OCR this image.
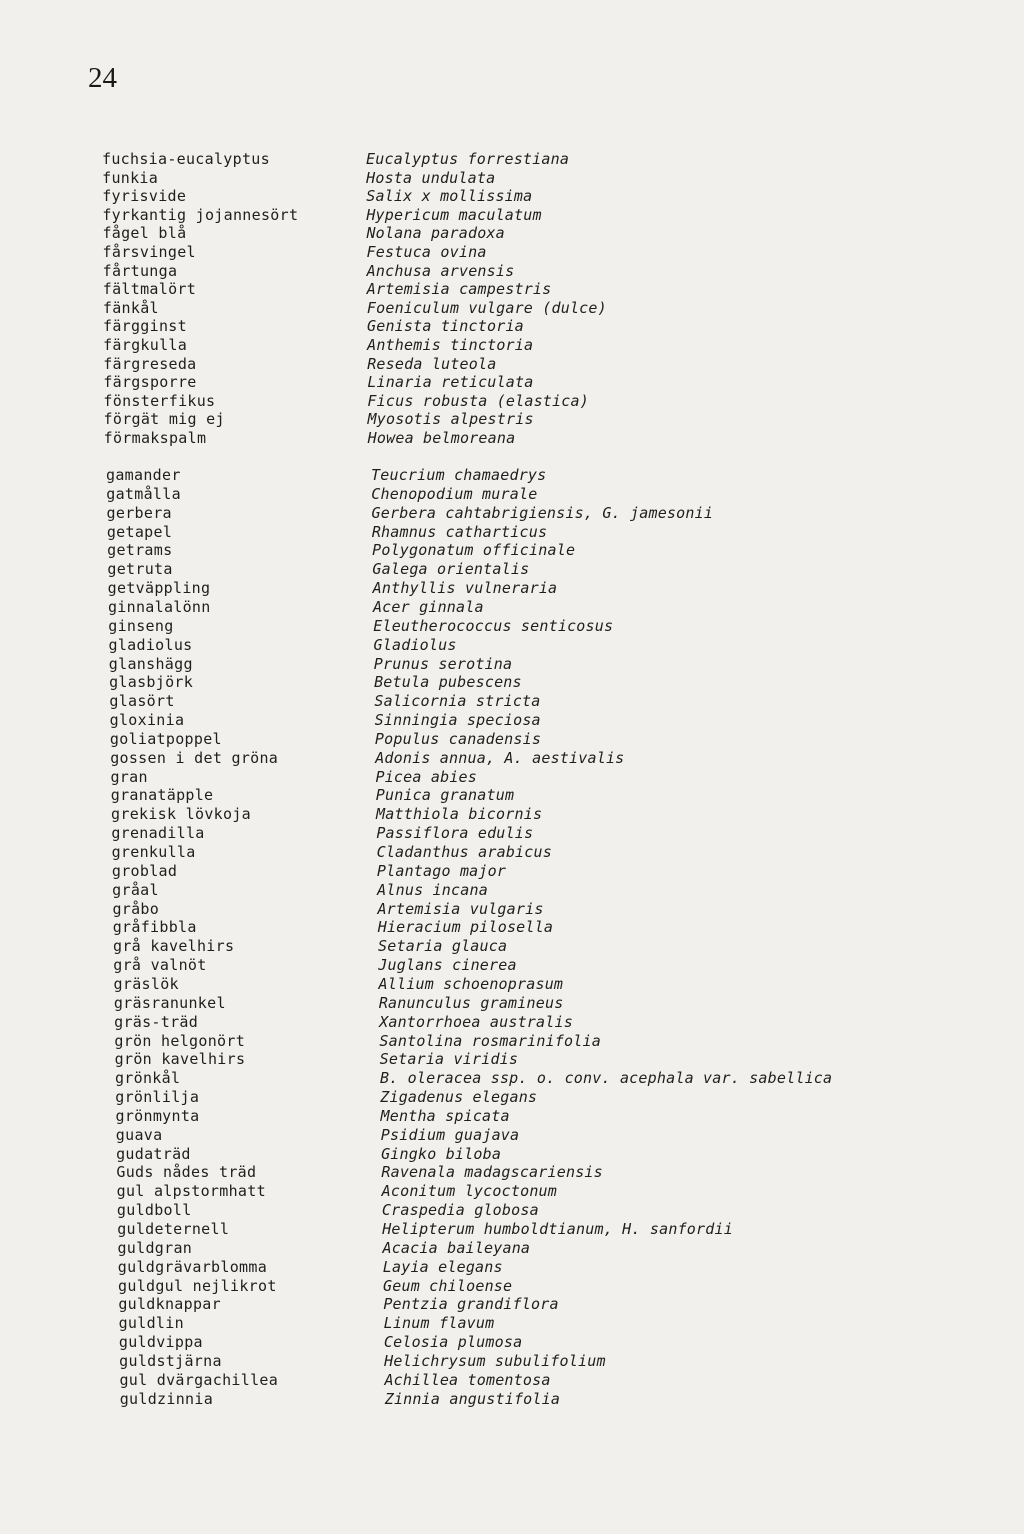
24
fuchsia-eucalyptus	Eucalyptus forrestiana
funkia	Hosta undulata
fyrisvide	Salix x mollissima
fyrkantig jojannesört	Hypericum maculatum
fågel blå	Nolana paradoxa
fårsvingel	Festuca ovina
fårtunga	Anchusa arvensis
fältmalört	Artemisia campestris
fänkål	Foeniculum vulgare (dulce)
färgginst	Genista tinctoria
färgkulla	Anthemis tinctoria
färgreseda	Reseda luteola
färgsporre	Linaria reticulata
fönsterfikus	Ficus robusta (elastica)
förgät mig ej	Myosotis alpestris
förmakspalm	Howea belmoreana
gamander	Teucrium chamaedrys
gatmålla	Chenopodium murale
gerbera	Gerbera cahtabrigiensis, G. jamesonii
getapel	Rhamnus catharticus
getrams	Polygonatum officinale
getruta	Galega orientalis
getväppling	Anthyllis vulneraria
ginnalalönn	Acer ginnala
ginseng	Eleutherococcus senticosus
gladiolus	Gladiolus
glanshägg	Prunus serotina
glasbjörk	Betula pubescens
glasört	Salicornia stricta
gloxinia	Sinningia speciosa
goliatpoppel	Populus canadensis
gossen i det gröna	Adonis annua, A. aestivalis
gran	Picea abies
granatäpple	Punica granatum
grekisk lövkoja	Matthiola bicornis
grenadilla	Passiflora edulis
grenkulla	Cladanthus arabicus
groblad	Plantago major
gråal	Alnus incana
gråbo	Artemisia vulgaris
gråfibbla	Hieracium pilosella
grå kavelhirs	Setaria glauca
grå valnöt	Juglans cinerea
gräslök	Allium schoenoprasum
gräsranunkel	Ranunculus gramineus
gräs-träd	Xantorrhoea australis
grön helgonört	Santolina rosmarinifolia
grön kavelhirs	Setaria viridis
grönkål	B. oleracea ssp. o. conv. acephala var. sabellica
grönlilja	Zigadenus elegans
grönmynta	Mentha spicata
guava	Psidium guajava
gudaträd	Gingko biloba
Guds nådes träd	Ravenala madagscariensis
gul alpstormhatt	Aconitum lycoctonum
guldboll	Craspedia globosa
guldeternell	Helipterum humboldtianum, H. sanfordii
guldgran	Acacia baileyana
guldgrävarblomma	Layia elegans
guldgul nejlikrot	Geum chiloense
guldknappar	Pentzia grandiflora
guldlin	Linum flavum
guldvippa	Celosia plumosa
guldstjärna	Helichrysum subulifolium
gul dvärgachillea	Achillea tomentosa
guldzinnia	Zinnia angustifolia
